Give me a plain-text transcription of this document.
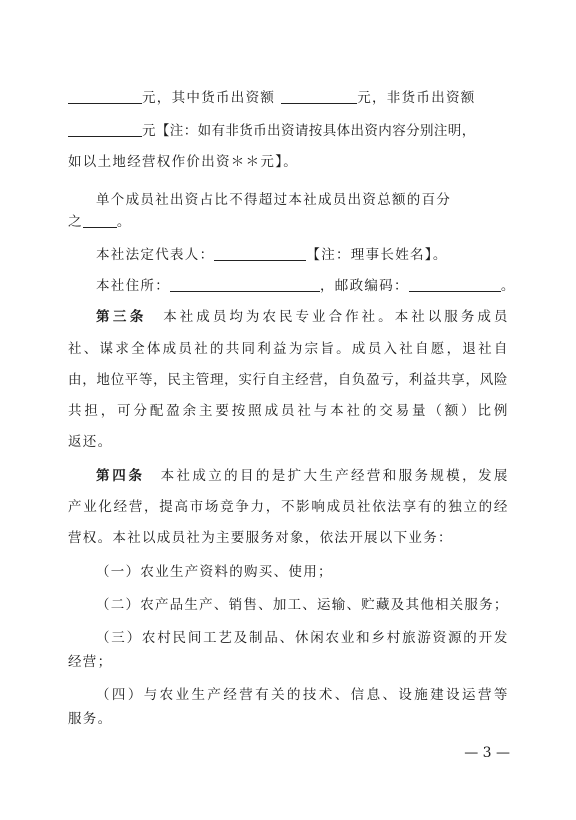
元，其中货币出资额	元，非货币出资额
元【注：如有非货币出资请按具体出资内容分别注明，
如以土地经营权作价出资＊＊元】。
单个成员社出资占比不得超过本社成员出资总额的百分
之	。
本社法定代表人：	【注：理事长姓名】。
本社住所：	，邮政编码：	。
第三条 本社成员均为农民专业合作社。本社以服务成员
社、谋求全体成员社的共同利益为宗旨。成员入社自愿，退社自
由，地位平等，民主管理，实行自主经营，自负盈亏，利益共享，风险
共担，可分配盈余主要按照成员社与本社的交易量（额）比例
返还。
第四条 本社成立的目的是扩大生产经营和服务规模，发展
产业化经营，提高市场竞争力，不影响成员社依法享有的独立的经
营权。本社以成员社为主要服务对象，依法开展以下业务：
（一）农业生产资料的购买、使用；
（二）农产品生产、销售、加工、运输、贮藏及其他相关服务；
（三）农村民间工艺及制品、休闲农业和乡村旅游资源的开发
经营；
（四）与农业生产经营有关的技术、信息、设施建设运营等
服务。
— 3 —
